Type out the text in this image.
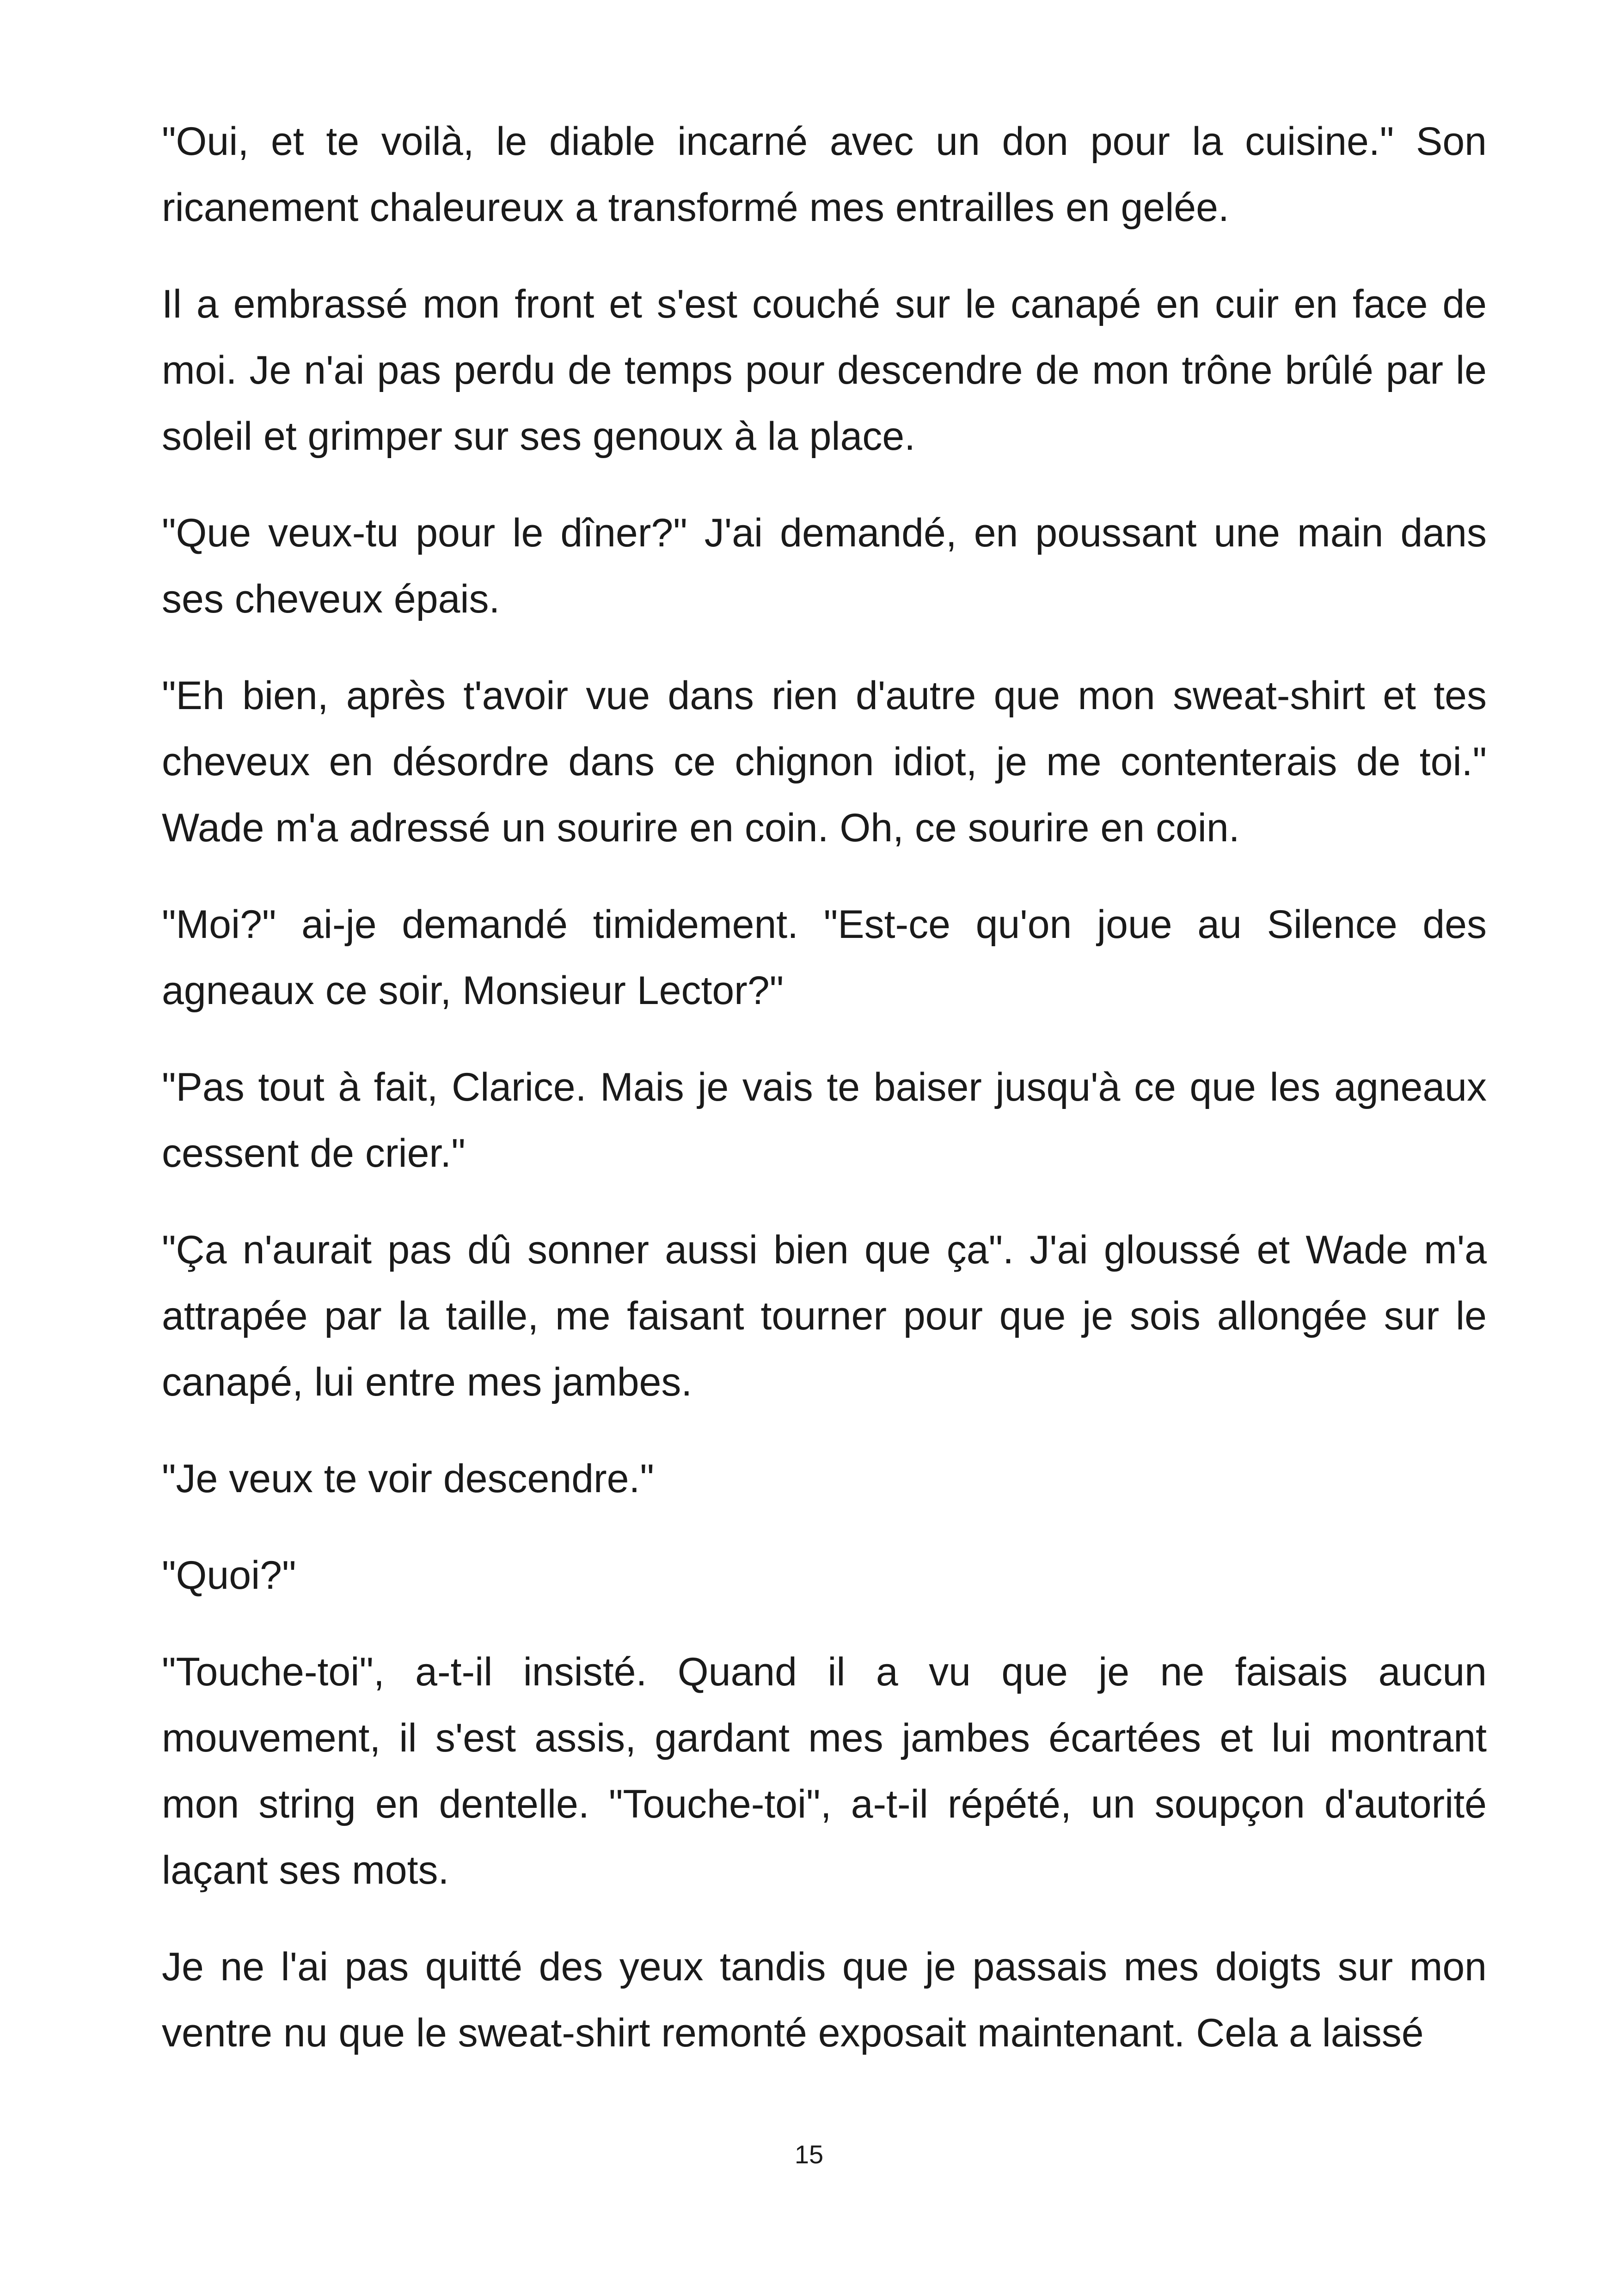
"Oui, et te voilà, le diable incarné avec un don pour la cuisine." Son ricanement chaleureux a transformé mes entrailles en gelée.

Il a embrassé mon front et s'est couché sur le canapé en cuir en face de moi. Je n'ai pas perdu de temps pour descendre de mon trône brûlé par le soleil et grimper sur ses genoux à la place.

"Que veux-tu pour le dîner?" J'ai demandé, en poussant une main dans ses cheveux épais.

"Eh bien, après t'avoir vue dans rien d'autre que mon sweat-shirt et tes cheveux en désordre dans ce chignon idiot, je me contenterais de toi." Wade m'a adressé un sourire en coin. Oh, ce sourire en coin.

"Moi?" ai-je demandé timidement. "Est-ce qu'on joue au Silence des agneaux ce soir, Monsieur Lector?"

"Pas tout à fait, Clarice. Mais je vais te baiser jusqu'à ce que les agneaux cessent de crier."

"Ça n'aurait pas dû sonner aussi bien que ça". J'ai gloussé et Wade m'a attrapée par la taille, me faisant tourner pour que je sois allongée sur le canapé, lui entre mes jambes.

"Je veux te voir descendre."

"Quoi?"

"Touche-toi", a-t-il insisté. Quand il a vu que je ne faisais aucun mouvement, il s'est assis, gardant mes jambes écartées et lui montrant mon string en dentelle. "Touche-toi", a-t-il répété, un soupçon d'autorité laçant ses mots.

Je ne l'ai pas quitté des yeux tandis que je passais mes doigts sur mon ventre nu que le sweat-shirt remonté exposait maintenant. Cela a laissé

15
